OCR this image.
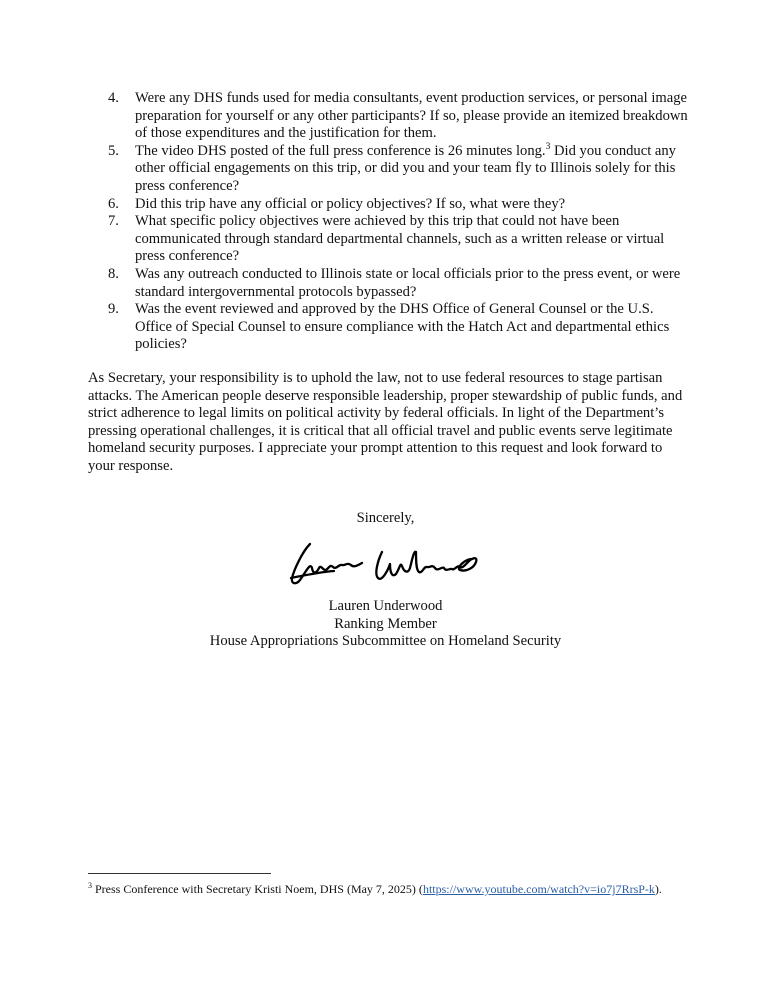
4.	Were any DHS funds used for media consultants, event production services, or personal image preparation for yourself or any other participants? If so, please provide an itemized breakdown of those expenditures and the justification for them.
5.	The video DHS posted of the full press conference is 26 minutes long.$^3$ Did you conduct any other official engagements on this trip, or did you and your team fly to Illinois solely for this press conference?
6.	Did this trip have any official or policy objectives? If so, what were they?
7.	What specific policy objectives were achieved by this trip that could not have been communicated through standard departmental channels, such as a written release or virtual press conference?
8.	Was any outreach conducted to Illinois state or local officials prior to the press event, or were standard intergovernmental protocols bypassed?
9.	Was the event reviewed and approved by the DHS Office of General Counsel or the U.S. Office of Special Counsel to ensure compliance with the Hatch Act and departmental ethics policies?

As Secretary, your responsibility is to uphold the law, not to use federal resources to stage partisan attacks. The American people deserve responsible leadership, proper stewardship of public funds, and strict adherence to legal limits on political activity by federal officials. In light of the Department’s pressing operational challenges, it is critical that all official travel and public events serve legitimate homeland security purposes. I appreciate your prompt attention to this request and look forward to your response.

Sincerely,
Lauren Underwood
Ranking Member
House Appropriations Subcommittee on Homeland Security
$^3$ Press Conference with Secretary Kristi Noem, DHS (May 7, 2025) (https://www.youtube.com/watch?v=io7j7RrsP-k).
